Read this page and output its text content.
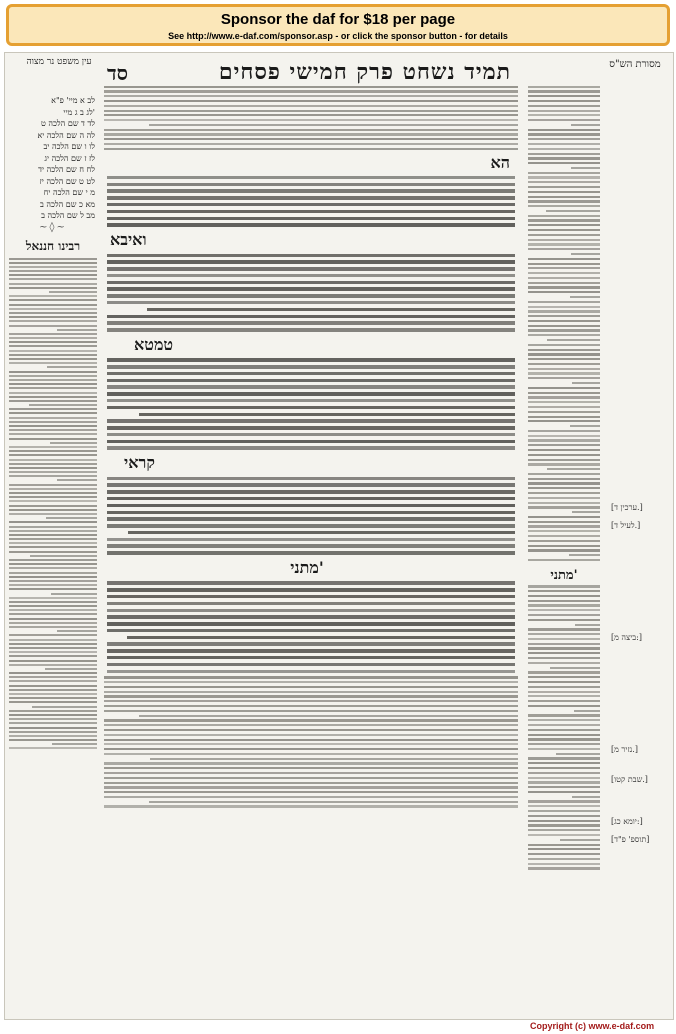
Sponsor the daf for $18 per page
See http://www.e-daf.com/sponsor.asp - or click the sponsor button - for details
עין משפט נר מצוה סד	תמיד נשחט פרק חמישי פסחים	מסורת הש"ס
לב א מיי' פ"א
לג ב ג מיי'
לד ד שם הלכה ט
לה ה שם הלכה יא
לו ו שם הלכה יב
לז ז שם הלכה יג
לח ח שם הלכה יד
לט ט שם הלכה יז
מ י שם הלכה יח
מא כ שם הלכה ב
מב ל שם הלכה ב
~◊~
רבינו חננאל
הא
ואיבא
טמטא
קראי
מתני'	מתני'
[ערכין ד.]
[לעיל ד.]
[ביצה מ:]
[נזיר מ.]
[שבת קטו.]
[יומא כג:]
[תוספ' פ"ד]
Copyright (c) www.e-daf.com
